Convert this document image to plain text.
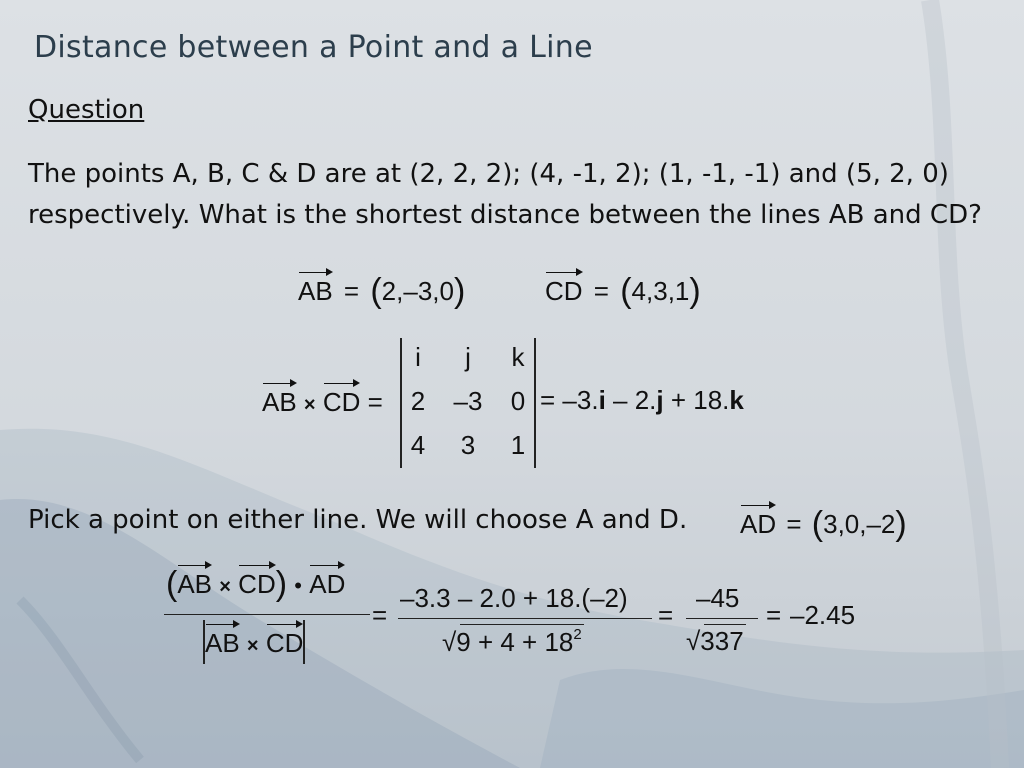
Distance between a Point and a Line
Question
The points A, B, C & D are at (2, 2, 2); (4, -1, 2); (1, -1, -1) and (5, 2, 0) respectively. What is the shortest distance between the lines AB and CD?
AB = (2,–3,0)	CD = (4,3,1)
AB × CD =
i	j	k
2	–3	0
4	3	1
= –3.i – 2.j + 18.k
Pick a point on either line. We will choose A and D. AD = (3,0,–2)
(AB × CD) • AD
AB × CD
=
–3.3 – 2.0 + 18.(–2)
√
$9 + 4 + 18^2$
=
–45
√
337
= –2.45
